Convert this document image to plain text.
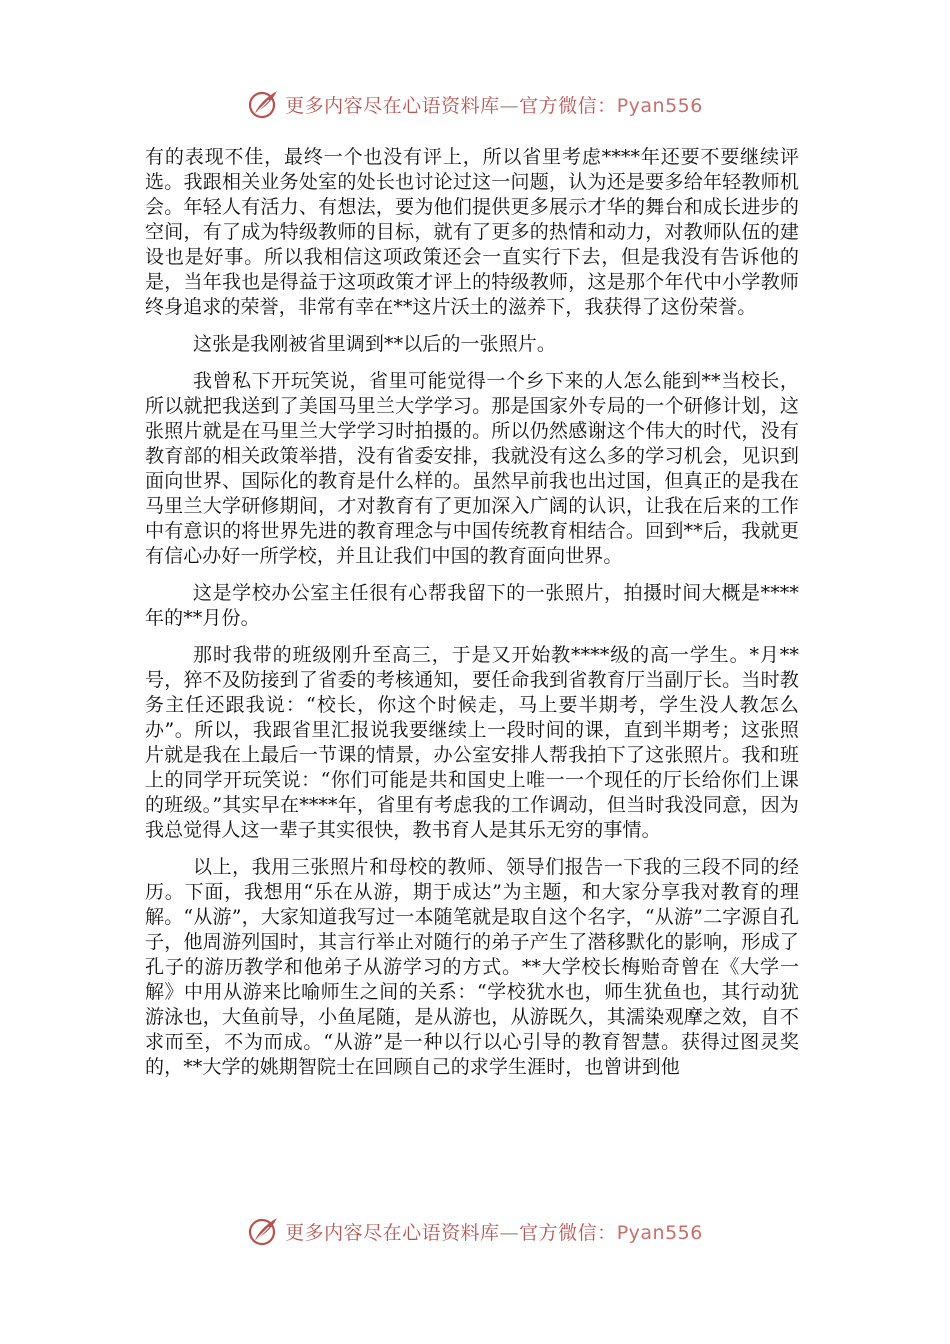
更多内容尽在心语资料库—官方微信：Pyan556

有的表现不佳，最终一个也没有评上，所以省里考虑****年还要不要继续评选。我跟相关业务处室的处长也讨论过这一问题，认为还是要多给年轻教师机会。年轻人有活力、有想法，要为他们提供更多展示才华的舞台和成长进步的空间，有了成为特级教师的目标，就有了更多的热情和动力，对教师队伍的建设也是好事。所以我相信这项政策还会一直实行下去，但是我没有告诉他的是，当年我也是得益于这项政策才评上的特级教师，这是那个年代中小学教师终身追求的荣誉，非常有幸在**这片沃土的滋养下，我获得了这份荣誉。

这张是我刚被省里调到**以后的一张照片。

我曾私下开玩笑说，省里可能觉得一个乡下来的人怎么能到**当校长，所以就把我送到了美国马里兰大学学习。那是国家外专局的一个研修计划，这张照片就是在马里兰大学学习时拍摄的。所以仍然感谢这个伟大的时代，没有教育部的相关政策举措，没有省委安排，我就没有这么多的学习机会，见识到面向世界、国际化的教育是什么样的。虽然早前我也出过国，但真正的是我在马里兰大学研修期间，才对教育有了更加深入广阔的认识，让我在后来的工作中有意识的将世界先进的教育理念与中国传统教育相结合。回到**后，我就更有信心办好一所学校，并且让我们中国的教育面向世界。

这是学校办公室主任很有心帮我留下的一张照片，拍摄时间大概是****年的**月份。

那时我带的班级刚升至高三，于是又开始教****级的高一学生。*月**号，猝不及防接到了省委的考核通知，要任命我到省教育厅当副厅长。当时教务主任还跟我说：“校长，你这个时候走，马上要半期考，学生没人教怎么办”。所以，我跟省里汇报说我要继续上一段时间的课，直到半期考；这张照片就是我在上最后一节课的情景，办公室安排人帮我拍下了这张照片。我和班上的同学开玩笑说：“你们可能是共和国史上唯一一个现任的厅长给你们上课的班级。”其实早在****年，省里有考虑我的工作调动，但当时我没同意，因为我总觉得人这一辈子其实很快，教书育人是其乐无穷的事情。

以上，我用三张照片和母校的教师、领导们报告一下我的三段不同的经历。下面，我想用“乐在从游，期于成达”为主题，和大家分享我对教育的理解。“从游”，大家知道我写过一本随笔就是取自这个名字，“从游”二字源自孔子，他周游列国时，其言行举止对随行的弟子产生了潜移默化的影响，形成了孔子的游历教学和他弟子从游学习的方式。**大学校长梅贻奇曾在《大学一解》中用从游来比喻师生之间的关系：“学校犹水也，师生犹鱼也，其行动犹游泳也，大鱼前导，小鱼尾随，是从游也，从游既久，其濡染观摩之效，自不求而至，不为而成。“从游”是一种以行以心引导的教育智慧。获得过图灵奖的，**大学的姚期智院士在回顾自己的求学生涯时，也曾讲到他

更多内容尽在心语资料库—官方微信：Pyan556
